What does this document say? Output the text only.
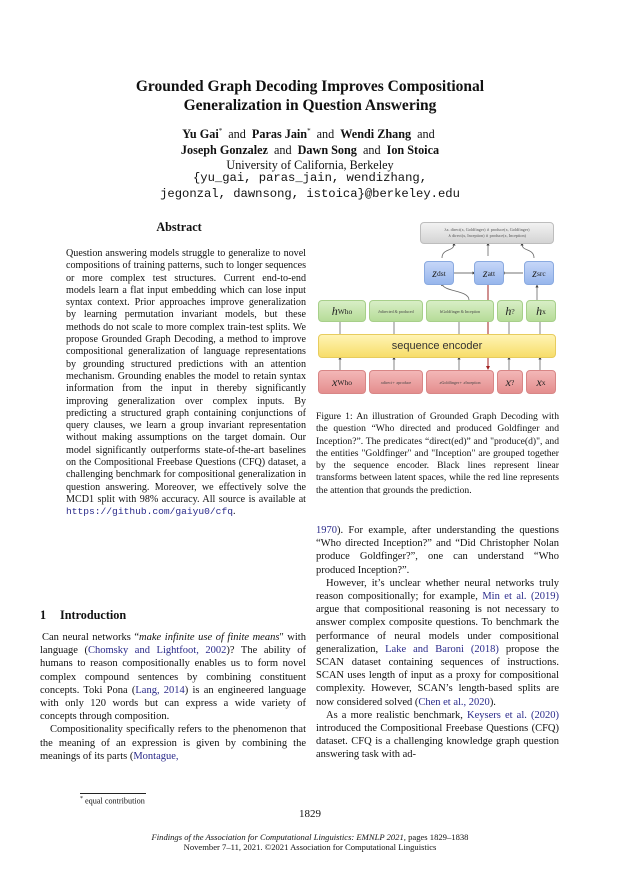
Grounded Graph Decoding Improves Compositional
Generalization in Question Answering
Yu Gai* and Paras Jain* and Wendi Zhang and
Joseph Gonzalez and Dawn Song and Ion Stoica
University of California, Berkeley
{yu_gai, paras_jain, wendizhang,
jegonzal, dawnsong, istoica}@berkeley.edu
Abstract

Question answering models struggle to generalize to novel compositions of training patterns, such to longer sequences or more complex test structures. Current end-to-end models learn a flat input embedding which can lose input syntax context. Prior approaches improve generalization by learning permutation invariant models, but these methods do not scale to more complex train-test splits. We propose Grounded Graph Decoding, a method to improve compositional generalization of language representations by grounding structured predictions with an attention mechanism. Grounding enables the model to retain syntax information from the input in thereby significantly improving generalization over complex inputs. By predicting a structured graph containing conjunctions of query clauses, we learn a group invariant representation without making assumptions on the target domain. Our model significantly outperforms state-of-the-art baselines on the Compositional Freebase Questions (CFQ) dataset, a challenging benchmark for compositional generalization in question answering. Moreover, we effectively solve the MCD1 split with 98% accuracy. All source is available at https://github.com/gaiyu0/cfq.

1 Introduction

Can neural networks “make infinite use of finite means" with language (Chomsky and Lightfoot, 2002)? The ability of humans to reason compositionally enables us to form novel complex compound sentences by combining constituent concepts. Toki Pona (Lang, 2014) is an engineered language with only 120 words but can express a wide variety of concepts through composition.

Compositionality specifically refers to the phenomenon that the meaning of an expression is given by combining the meanings of its parts (Montague,

* equal contribution
λx. direct(x, Goldfinger) ∧ produce(x, Goldfinger)
∧ direct(x, Inception) ∧ produce(x, Inception)
z dst	z att	z src
h Who	h directed & produced	h Goldfinger & Inception h ? h x
sequence encoder
x Who	x direct + x produce	x Goldfinger + x Inception x ? x x

Figure 1: An illustration of Grounded Graph Decoding with the question “Who directed and produced Goldfinger and Inception?”. The predicates “direct(ed)” and "produce(d)", and the entities "Goldfinger" and "Inception" are grouped together by the sequence encoder. Black lines represent linear transforms between latent spaces, while the red line represents the attention that grounds the prediction.

1970). For example, after understanding the questions “Who directed Inception?” and “Did Christopher Nolan produce Goldfinger?”, one can understand “Who produced Inception?”.

However, it’s unclear whether neural networks truly reason compositionally; for example, Min et al. (2019) argue that compositional reasoning is not necessary to answer complex composite questions. To benchmark the performance of neural models under compositional generalization, Lake and Baroni (2018) propose the SCAN dataset containing sequences of instructions. SCAN uses length of input as a proxy for compositional complexity. However, SCAN’s length-based splits are now considered solved (Chen et al., 2020).

As a more realistic benchmark, Keysers et al. (2020) introduced the Compositional Freebase Questions (CFQ) dataset. CFQ is a challenging knowledge graph question answering task with ad-

1829
Findings of the Association for Computational Linguistics: EMNLP 2021, pages 1829–1838
November 7–11, 2021. ©2021 Association for Computational Linguistics
